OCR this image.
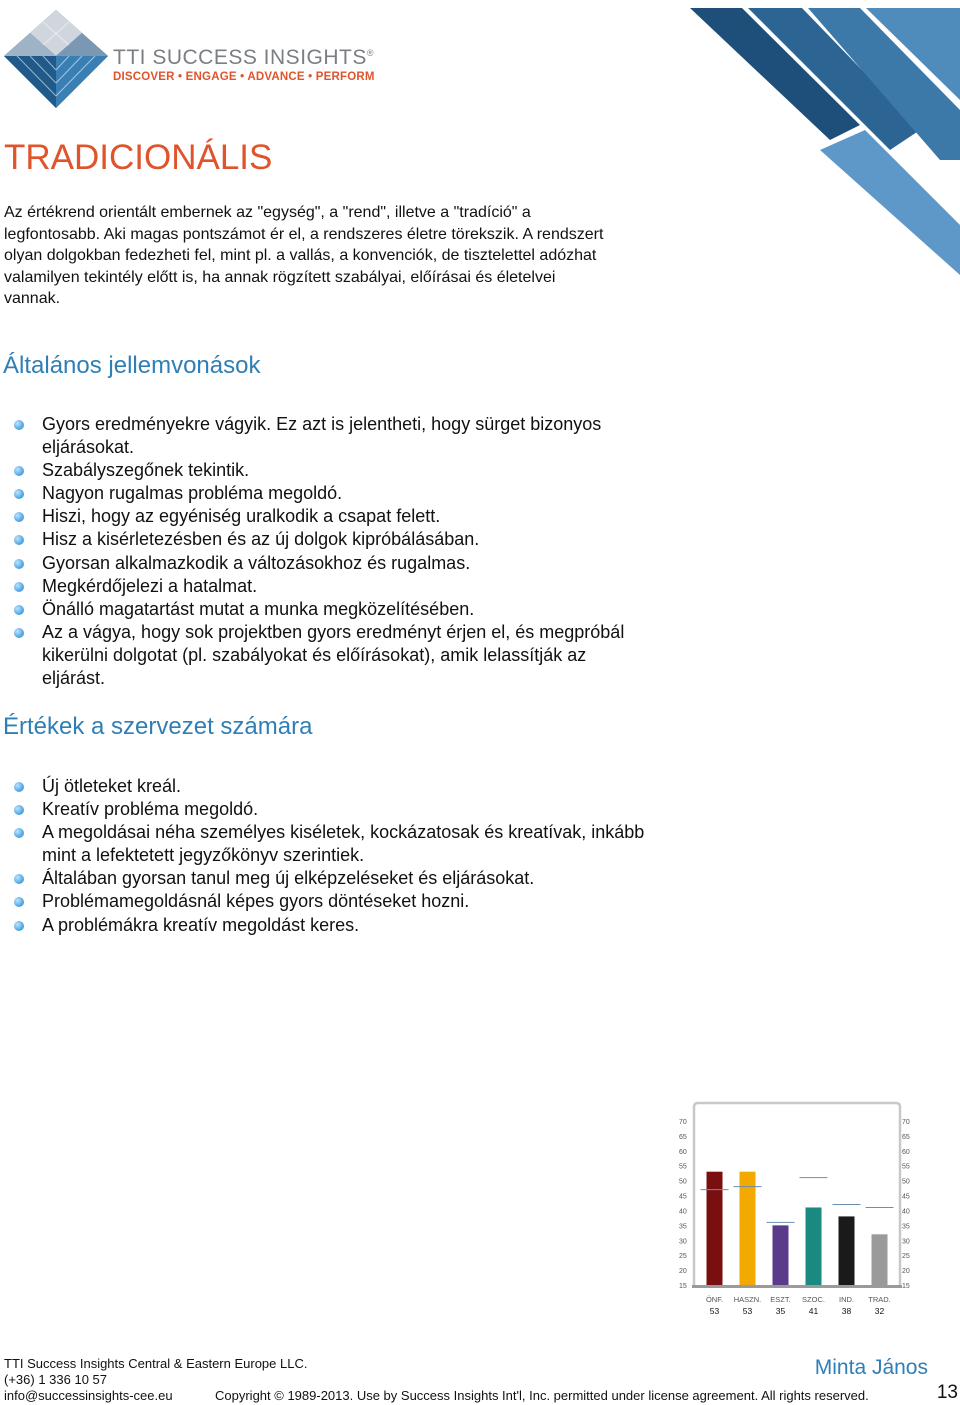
TTI SUCCESS INSIGHTS®
DISCOVER • ENGAGE • ADVANCE • PERFORM
TRADICIONÁLIS
Az értékrend orientált embernek az "egység", a "rend", illetve a "tradíció" a legfontosabb. Aki magas pontszámot ér el, a rendszeres életre törekszik. A rendszert olyan dolgokban fedezheti fel, mint pl. a vallás, a konvenciók, de tisztelettel adózhat valamilyen tekintély előtt is, ha annak rögzített szabályai, előírásai és életelvei vannak.
Általános jellemvonások
Gyors eredményekre vágyik. Ez azt is jelentheti, hogy sürget bizonyos eljárásokat.
Szabályszegőnek tekintik.
Nagyon rugalmas probléma megoldó.
Hiszi, hogy az egyéniség uralkodik a csapat felett.
Hisz a kisérletezésben és az új dolgok kipróbálásában.
Gyorsan alkalmazkodik a változásokhoz és rugalmas.
Megkérdőjelezi a hatalmat.
Önálló magatartást mutat a munka megközelítésében.
Az a vágya, hogy sok projektben gyors eredményt érjen el, és megpróbál kikerülni dolgotat (pl. szabályokat és előírásokat), amik lelassítják az eljárást.
Értékek a szervezet számára
Új ötleteket kreál.
Kreatív probléma megoldó.
A megoldásai néha személyes kiséletek, kockázatosak és kreatívak, inkább mint a lefektetett jegyzőkönyv szerintiek.
Általában gyorsan tanul meg új elképzeléseket és eljárásokat.
Problémamegoldásnál képes gyors döntéseket hozni.
A problémákra kreatív megoldást keres.
15	15
20	20
25	25
30	30
35	35
40	40
45	45
50	50
55	55
60	60
65	65
70	70
ÖNF.
53
HASZN.
53
ESZT.
35
SZOC.
41
IND.
38
TRAD.
32
TTI Success Insights Central & Eastern Europe LLC.
(+36) 1 336 10 57
info@successinsights-cee.eu	Copyright © 1989-2013. Use by Success Insights Int'l, Inc. permitted under license agreement. All rights reserved.
Minta János
13
